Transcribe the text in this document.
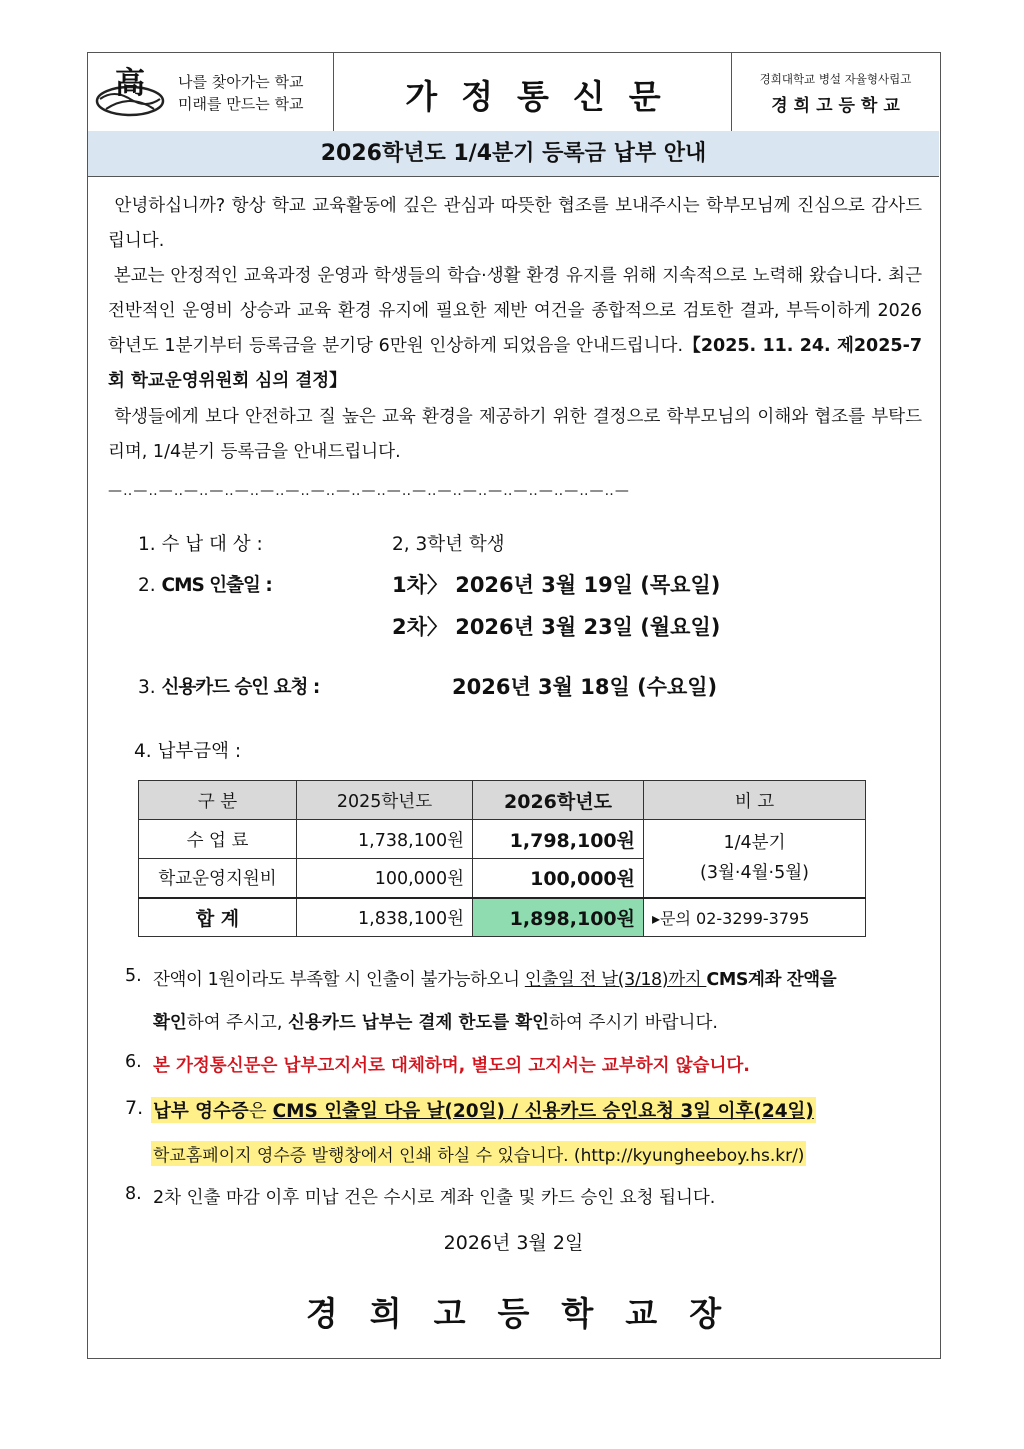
高 나를 찾아가는 학교
미래를 만드는 학교	가정통신문	경희대학교 병설 자율형사립고
경희고등학교
2026학년도 1/4분기 등록금 납부 안내
안녕하십니까? 항상 학교 교육활동에 깊은 관심과 따뜻한 협조를 보내주시는 학부모님께 진심으로 감사드립니다.
본교는 안정적인 교육과정 운영과 학생들의 학습·생활 환경 유지를 위해 지속적으로 노력해 왔습니다. 최근 전반적인 운영비 상승과 교육 환경 유지에 필요한 제반 여건을 종합적으로 검토한 결과, 부득이하게 2026학년도 1분기부터 등록금을 분기당 6만원 인상하게 되었음을 안내드립니다.【2025. 11. 24. 제2025-7회 학교운영위원회 심의 결정】
학생들에게 보다 안전하고 질 높은 교육 환경을 제공하기 위한 결정으로 학부모님의 이해와 협조를 부탁드리며, 1/4분기 등록금을 안내드립니다.
—‥—‥—‥—‥—‥—‥—‥—‥—‥—‥—‥—‥—‥—‥—‥—‥—‥—‥—‥—‥—
1. 수 납 대 상 :	2, 3학년 학생
2. CMS 인출일 :	1차〉 2026년 3월 19일 (목요일)
2차〉 2026년 3월 23일 (월요일)
3. 신용카드 승인 요청 :	2026년 3월 18일 (수요일)
4. 납부금액 :
구 분	2025학년도	2026학년도	비 고
수 업 료	1,738,100원	1,798,100원	1/4분기
(3월·4월·5월)

학교운영지원비	100,000원	100,000원	
합 계	1,838,100원	1,898,100원	▸문의 02-3299-3795
5. 잔액이 1원이라도 부족할 시 인출이 불가능하오니 인출일 전 날(3/18)까지 CMS계좌 잔액을
확인하여 주시고, 신용카드 납부는 결제 한도를 확인하여 주시기 바랍니다.
6. 본 가정통신문은 납부고지서로 대체하며, 별도의 고지서는 교부하지 않습니다.
7. 납부 영수증은 CMS 인출일 다음 날(20일) / 신용카드 승인요청 3일 이후(24일)
학교홈페이지 영수증 발행창에서 인쇄 하실 수 있습니다. (http://kyungheeboy.hs.kr/)
8. 2차 인출 마감 이후 미납 건은 수시로 계좌 인출 및 카드 승인 요청 됩니다.
2026년 3월 2일
경희고등학교장
